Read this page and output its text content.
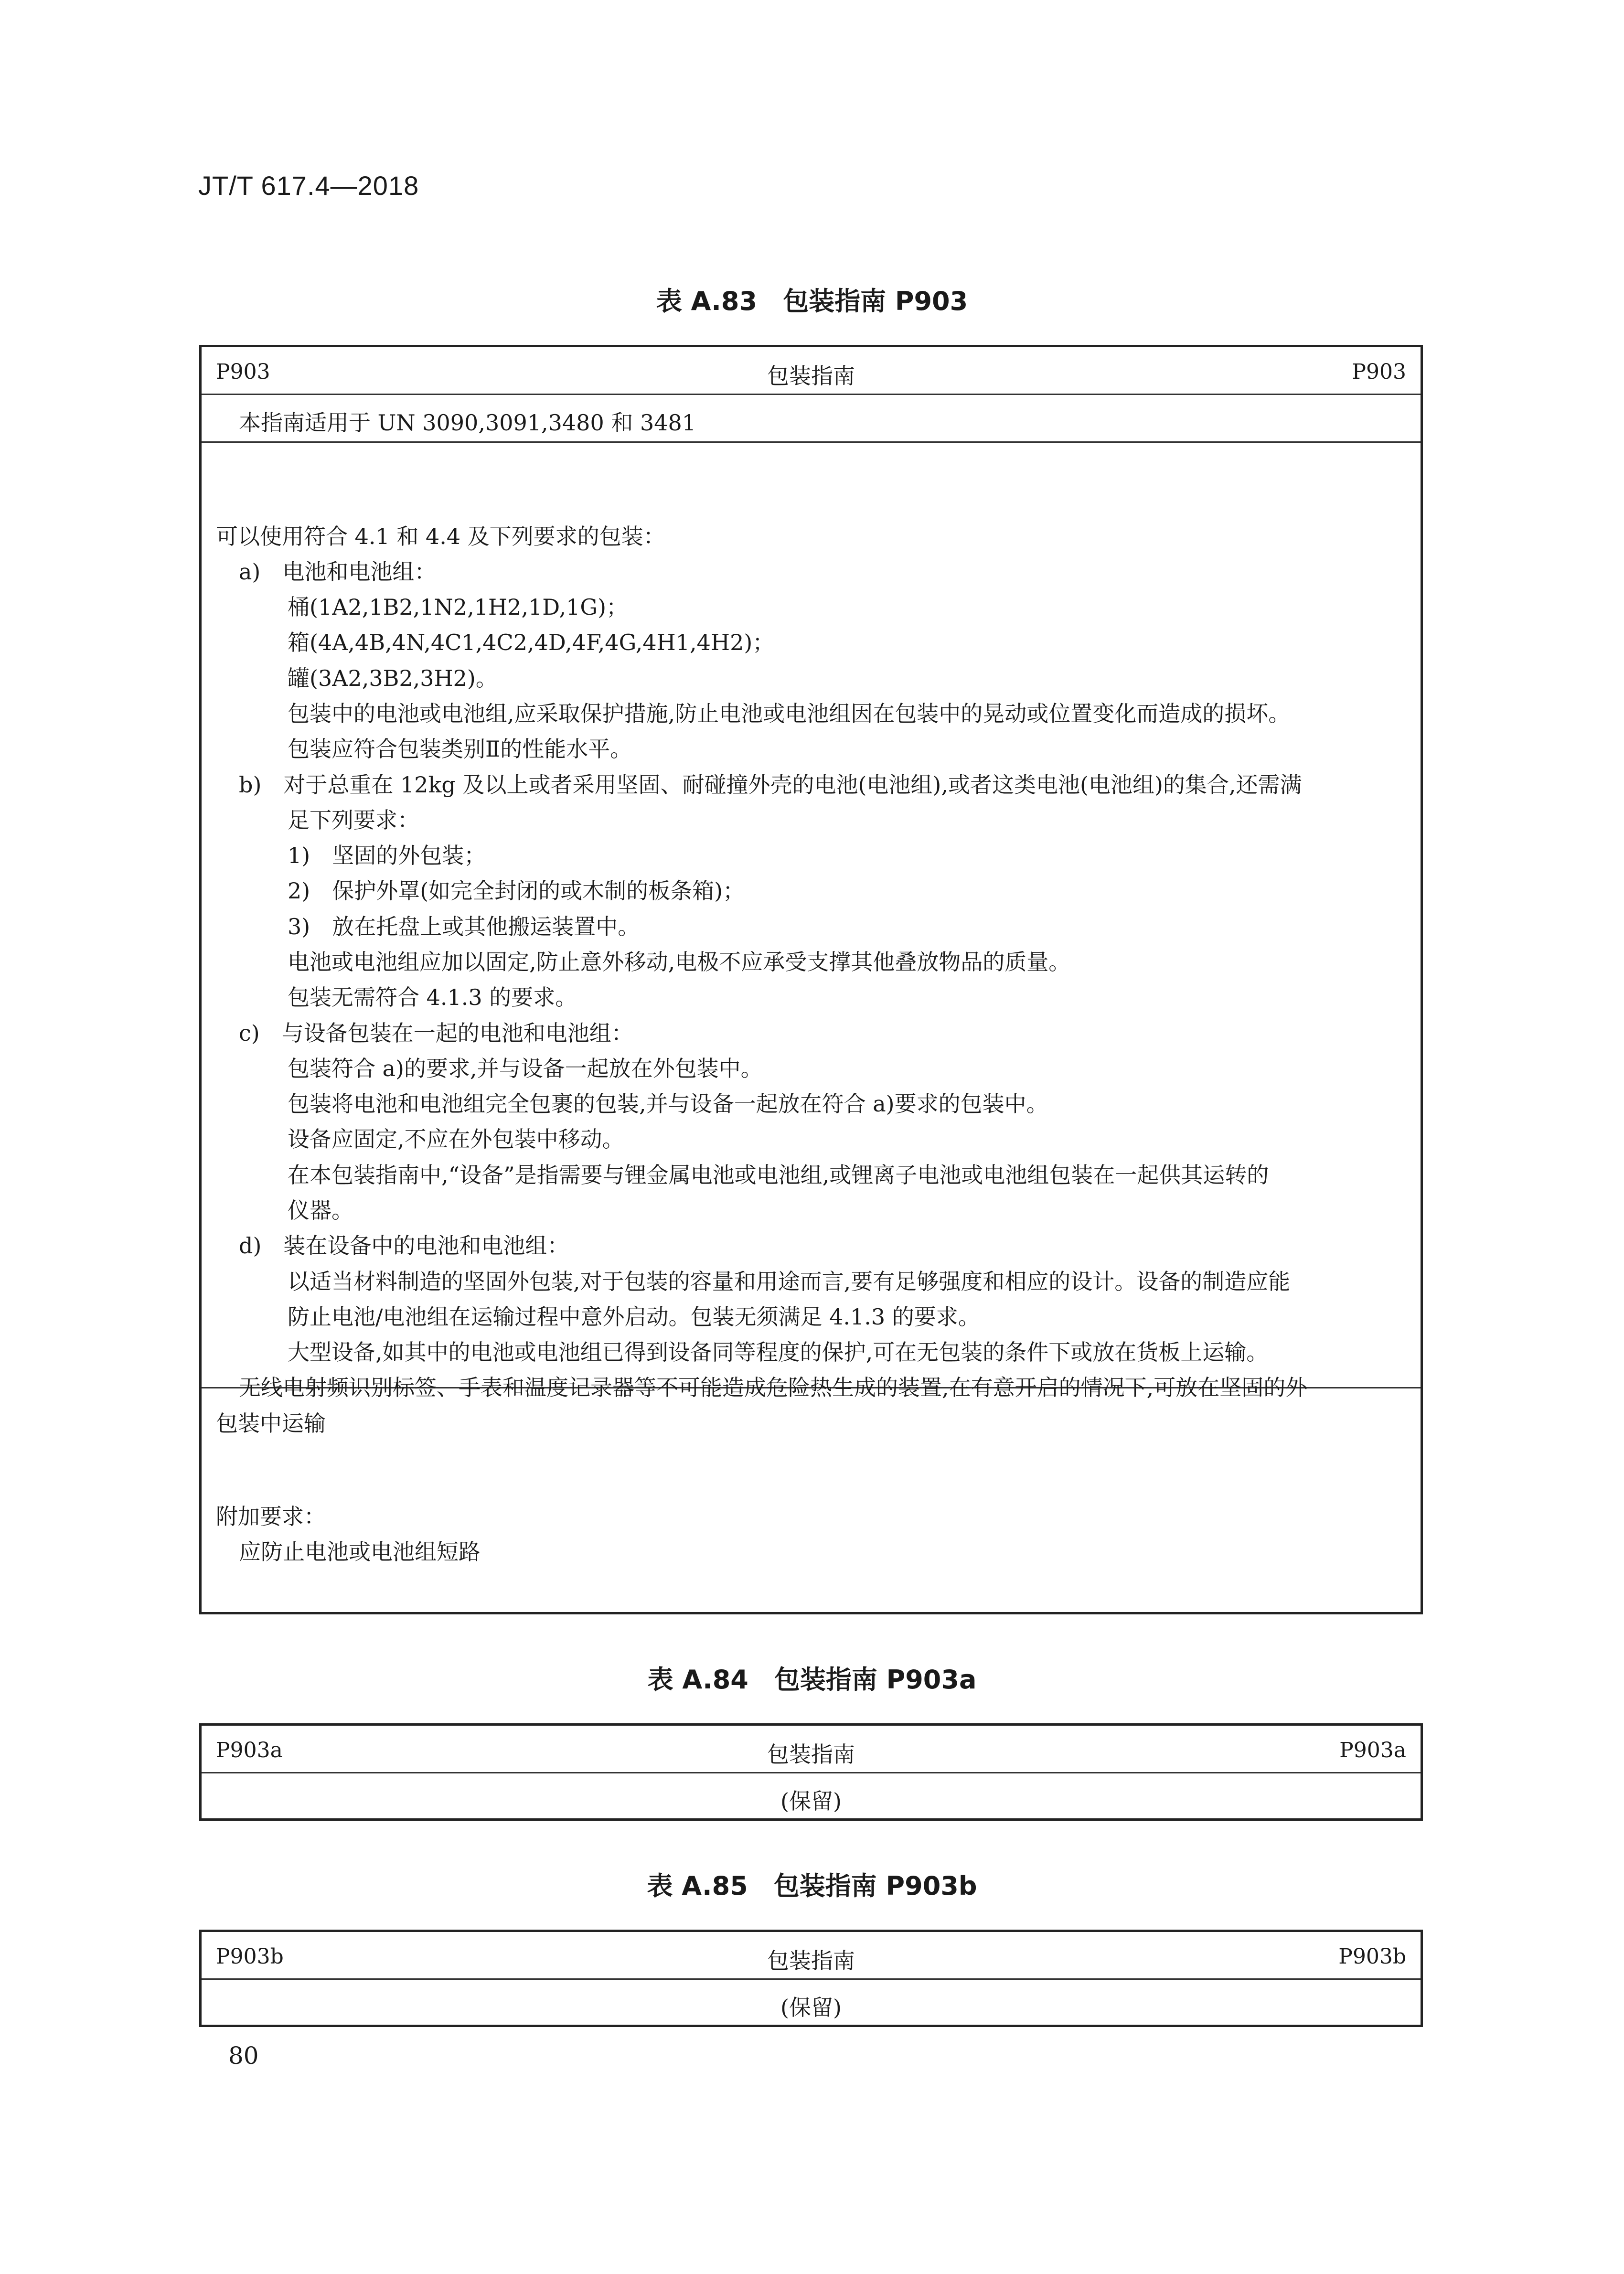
JT/T 617.4—2018
表 A.83　包装指南 P903
P903	包装指南	P903
本指南适用于 UN 3090,3091,3480 和 3481
可以使用符合 4.1 和 4.4 及下列要求的包装：
a)　电池和电池组：
桶(1A2,1B2,1N2,1H2,1D,1G)；
箱(4A,4B,4N,4C1,4C2,4D,4F,4G,4H1,4H2)；
罐(3A2,3B2,3H2)。
包装中的电池或电池组,应采取保护措施,防止电池或电池组因在包装中的晃动或位置变化而造成的损坏。
包装应符合包装类别Ⅱ的性能水平。
b)　对于总重在 12kg 及以上或者采用坚固、耐碰撞外壳的电池(电池组),或者这类电池(电池组)的集合,还需满
足下列要求：
1)　坚固的外包装；
2)　保护外罩(如完全封闭的或木制的板条箱)；
3)　放在托盘上或其他搬运装置中。
电池或电池组应加以固定,防止意外移动,电极不应承受支撑其他叠放物品的质量。
包装无需符合 4.1.3 的要求。
c)　与设备包装在一起的电池和电池组：
包装符合 a)的要求,并与设备一起放在外包装中。
包装将电池和电池组完全包裹的包装,并与设备一起放在符合 a)要求的包装中。
设备应固定,不应在外包装中移动。
在本包装指南中,“设备”是指需要与锂金属电池或电池组,或锂离子电池或电池组包装在一起供其运转的
仪器。
d)　装在设备中的电池和电池组：
以适当材料制造的坚固外包装,对于包装的容量和用途而言,要有足够强度和相应的设计。设备的制造应能
防止电池/电池组在运输过程中意外启动。包装无须满足 4.1.3 的要求。
大型设备,如其中的电池或电池组已得到设备同等程度的保护,可在无包装的条件下或放在货板上运输。
无线电射频识别标签、手表和温度记录器等不可能造成危险热生成的装置,在有意开启的情况下,可放在坚固的外
包装中运输
附加要求：
应防止电池或电池组短路
表 A.84　包装指南 P903a
P903a	包装指南	P903a
(保留)
表 A.85　包装指南 P903b
P903b	包装指南	P903b
(保留)
80
